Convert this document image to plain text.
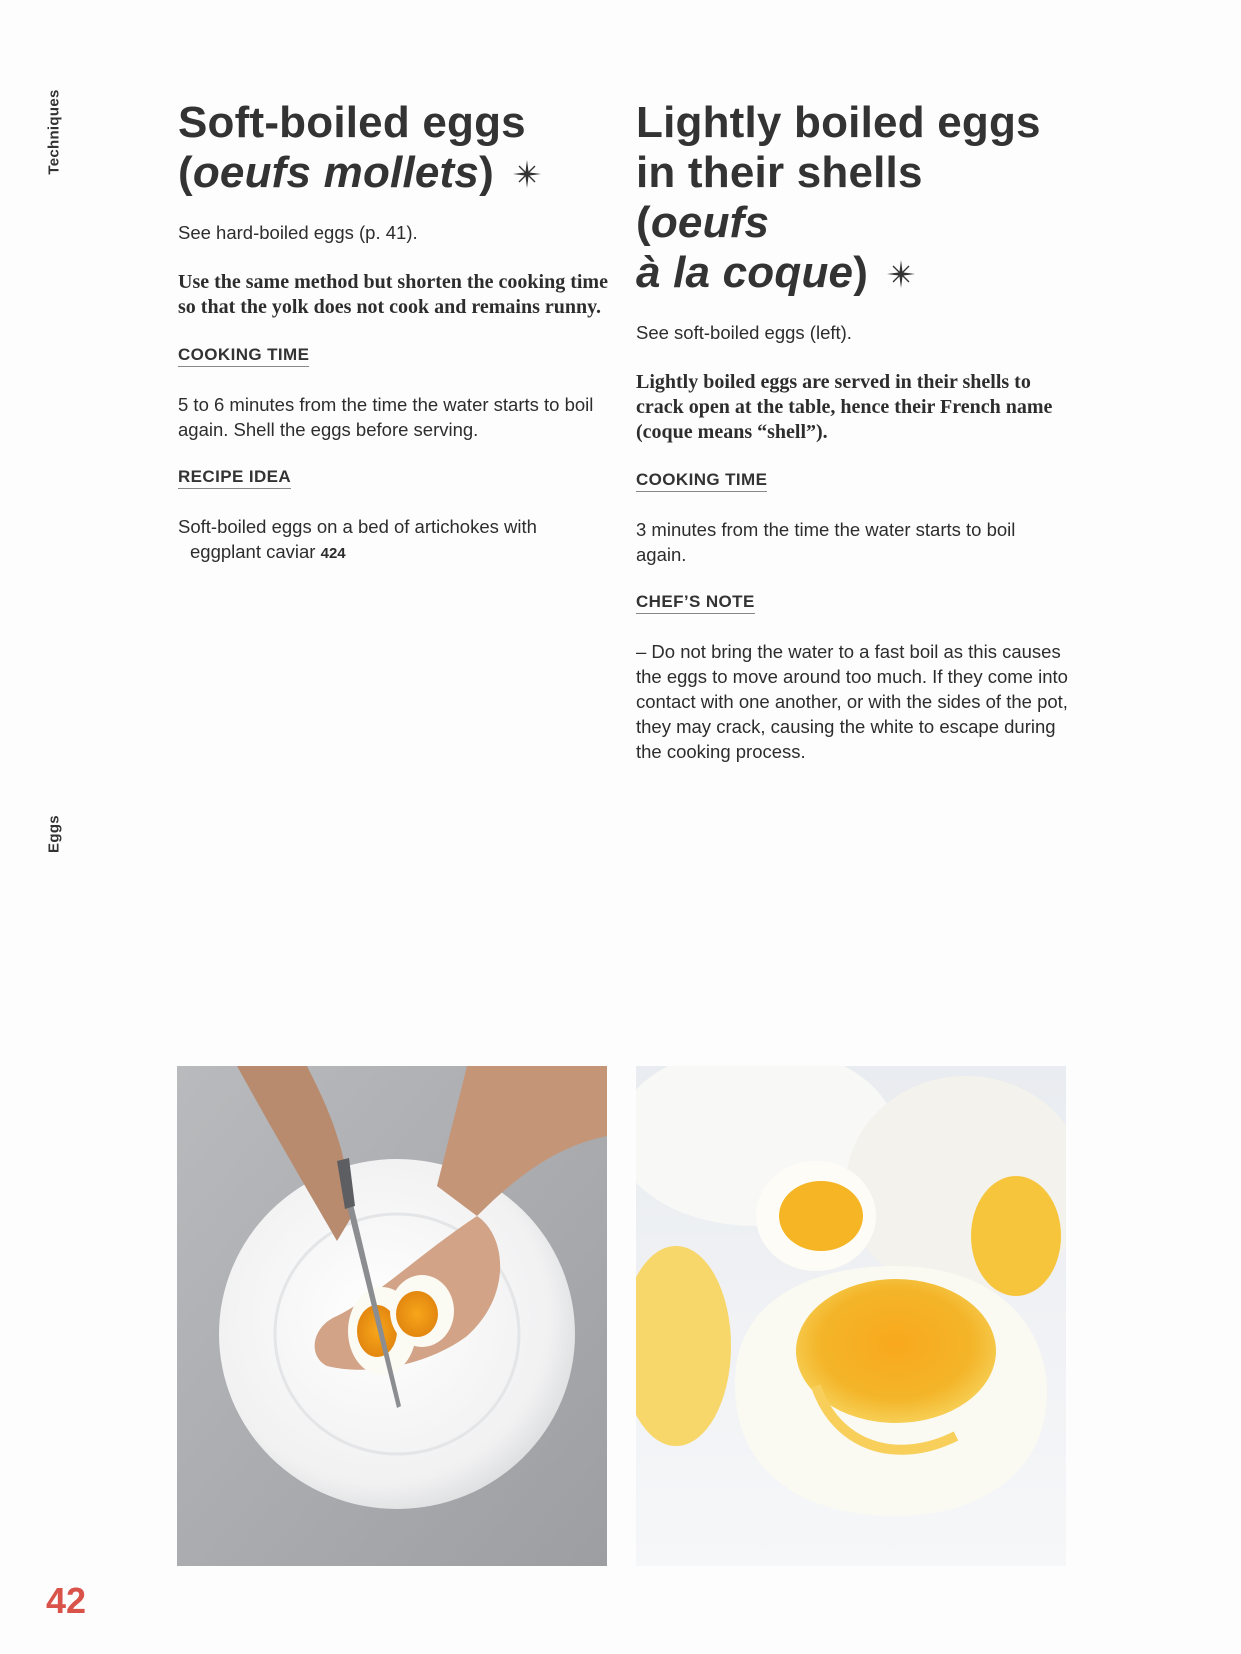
Techniques
Eggs
Soft-boiled eggs
(oeufs mollets)

See hard-boiled eggs (p. 41).

Use the same method but shorten the cooking time so that the yolk does not cook and remains runny.

COOKING TIME

5 to 6 minutes from the time the water starts to boil again. Shell the eggs before serving.

RECIPE IDEA

Soft-boiled eggs on a bed of artichokes with eggplant caviar 424

Lightly boiled eggs
in their shells (oeufs
à la coque)

See soft-boiled eggs (left).

Lightly boiled eggs are served in their shells to crack open at the table, hence their French name (coque means “shell”).

COOKING TIME

3 minutes from the time the water starts to boil again.

CHEF’S NOTE

– Do not bring the water to a fast boil as this causes the eggs to move around too much. If they come into contact with one another, or with the sides of the pot, they may crack, causing the white to escape during the cooking process.

42
